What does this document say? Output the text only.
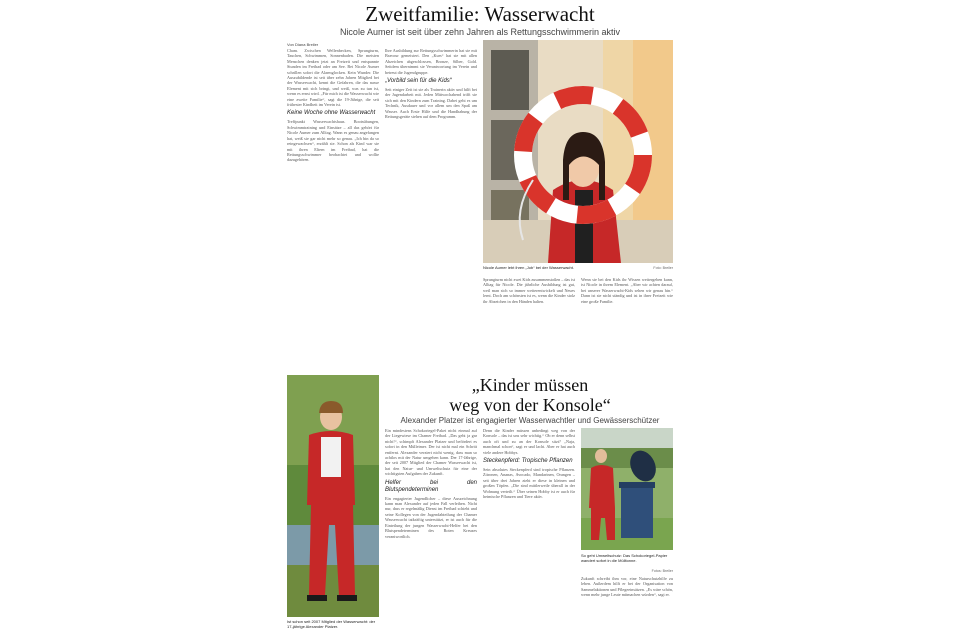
Zweitfamilie: Wasserwacht
Nicole Aumer ist seit über zehn Jahren als Rettungsschwimmerin aktiv
Von Diana Breiler

Cham. Zwischen Wellenbecken, Sprungturm, Tauchen, Schwimmen, Sonnenbaden. Die meisten Menschen denken jetzt an Freizeit und entspannte Stunden im Freibad oder am See. Bei Nicole Aumer schrillen sofort die Alarmglocken. Kein Wunder. Die Auszubildende ist seit über zehn Jahren Mitglied bei der Wasserwacht, kennt die Gefahren, die das nasse Element mit sich bringt, und weiß, was zu tun ist, wenn es ernst wird. „Für mich ist die Wasserwacht wie eine zweite Familie“, sagt die 19-Jährige, die seit frühester Kindheit im Verein ist.

Keine Woche ohne Wasserwacht

Treffpunkt Wasserwachtshaus. Bootsübungen, Schwimmtraining und Einsätze – all das gehört für Nicole Aumer zum Alltag. Wann es genau angefangen hat, weiß sie gar nicht mehr so genau. „Ich bin da so reingewachsen“, erzählt sie. Schon als Kind war sie mit ihren Eltern im Freibad, hat die Rettungsschwimmer beobachtet und wollte dazugehören.

Ihre Ausbildung zur Rettungsschwimmerin hat sie mit Bravour gemeistert. Den „Kurs“ hat sie mit allen Abzeichen abgeschlossen, Bronze, Silber, Gold. Seitdem übernimmt sie Verantwortung im Verein und betreut die Jugendgruppe.

„Vorbild sein für die Kids“

Seit einiger Zeit ist sie als Trainerin aktiv und hilft bei der Jugendarbeit mit. Jeden Mittwochabend trifft sie sich mit den Kindern zum Training. Dabei geht es um Technik, Ausdauer und vor allem um den Spaß am Wasser. Auch Erste Hilfe und die Handhabung der Rettungsgeräte stehen auf dem Programm.

Nicole Aumer lebt ihren „Job“ bei der Wasserwacht.	Foto: Breiler

Sprungturm nicht zwei Kids zusammenstoßen – das ist Alltag für Nicole. Die jährliche Ausbildung ist gut, weil man sich so immer weiterentwickelt und Neues lernt. Doch am schönsten ist es, wenn die Kinder stolz ihr Abzeichen in den Händen halten.

Wenn sie bei den Kids ihr Wissen weitergeben kann, ist Nicole in ihrem Element. „Aber wir achten darauf, bei unserer Wasserwacht-Kids sehen wir genau hin.“ Dann ist sie nicht ständig und ist in ihrer Freizeit wie eine große Familie.

Ist schon seit 2007 Mitglied der Wasserwacht: der 17-jährige Alexander Platzer.
„Kinder müssen
weg von der Konsole“
Alexander Platzer ist engagierter Wasserwachtler und Gewässerschützer

Ein mindestens Schokoriegel-Paket nicht einmal auf der Liegewiese im Chamer Freibad. „Das geht ja gar nicht!“, schimpft Alexander Platzer und befördert es sofort in den Mülleimer. Der ist nicht mal ein Schritt entfernt. Alexander verziert nicht wenig, dass man so achtlos mit der Natur umgehen kann. Der 17-Jährige, der seit 2007 Mitglied der Chamer Wasserwacht ist, hat den Natur- und Umweltschutz für eine der wichtigsten Aufgaben der Zukunft.

Helfer bei den Blutspendeterminen

Ein engagierter Jugendlicher – diese Auszeichnung kann man Alexander auf jeden Fall verleihen. Nicht nur, dass er regelmäßig Dienst im Freibad schiebt und seine Kollegen von der Jugendabteilung der Chamer Wasserwacht tatkräftig unterstützt, er ist auch für die Einteilung der jungen Wasserwacht-Helfer bei den Blutspendeterminen des Roten Kreuzes verantwortlich.

Denn die Kinder müssen unbedingt weg von der Konsole – das ist uns sehr wichtig.“ Ob er denn selbst auch oft und zu an der Konsole sitzt? „Naja, manchmal schon“, sagt er und lacht. Aber er hat auch viele andere Hobbys.

Steckenpferd: Tropische Pflanzen

Sein absolutes Steckenpferd sind tropische Pflanzen. Zitronen, Ananas, Avocado, Mandarinen, Orangen – seit über drei Jahren zieht er diese in kleinen und großen Töpfen. „Die sind mittlerweile überall in der Wohnung verteilt.“ Über seinen Hobby ist er auch für heimische Pflanzen und Tiere aktiv.

So geht Umweltschutz: Das Schokoriegel-Papier wandert sofort in die Mülltonne.
Fotos: Breiler

Zukunft schreibt ihm vor, eine Naturschutzhilfe zu leben. Außerdem hilft er bei der Organisation von Sammelaktionen und Pflegeeinsätzen. „Es wäre schön, wenn mehr junge Leute mitmachen würden“, sagt er.
